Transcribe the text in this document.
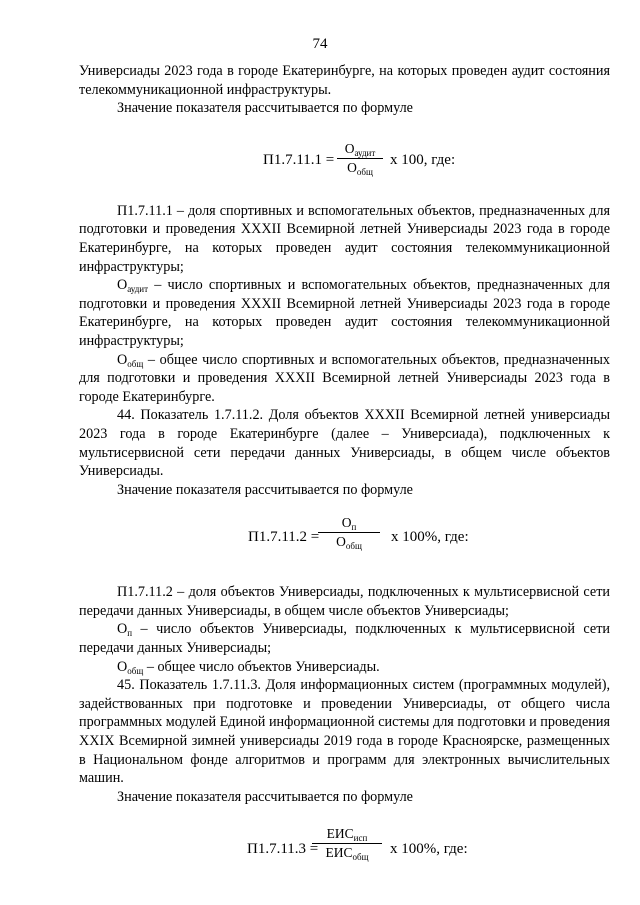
74

Универсиады 2023 года в городе Екатеринбурге, на которых проведен аудит состояния телекоммуникационной инфраструктуры.

Значение показателя рассчитывается по формуле

П1.7.11.1 =
$О_{аудит}$
$О_{общ}$
х 100, где:

П1.7.11.1 – доля спортивных и вспомогательных объектов, предназначенных для подготовки и проведения XXXII Всемирной летней Универсиады 2023 года в городе Екатеринбурге, на которых проведен аудит состояния телекоммуникационной инфраструктуры;

$О_{аудит}$ – число спортивных и вспомогательных объектов, предназначенных для подготовки и проведения XXXII Всемирной летней Универсиады 2023 года в городе Екатеринбурге, на которых проведен аудит состояния телекоммуникационной инфраструктуры;

$О_{общ}$ – общее число спортивных и вспомогательных объектов, предназначенных для подготовки и проведения XXXII Всемирной летней Универсиады 2023 года в городе Екатеринбурге.

44. Показатель 1.7.11.2. Доля объектов XXXII Всемирной летней универсиады 2023 года в городе Екатеринбурге (далее – Универсиада), подключенных к мультисервисной сети передачи данных Универсиады, в общем числе объектов Универсиады.

Значение показателя рассчитывается по формуле

П1.7.11.2 =
$О_п$
$О_{общ}$
х 100%, где:

П1.7.11.2 – доля объектов Универсиады, подключенных к мультисервисной сети передачи данных Универсиады, в общем числе объектов Универсиады;

$О_п$ – число объектов Универсиады, подключенных к мультисервисной сети передачи данных Универсиады;

$О_{общ}$ – общее число объектов Универсиады.

45. Показатель 1.7.11.3. Доля информационных систем (программных модулей), задействованных при подготовке и проведении Универсиады, от общего числа программных модулей Единой информационной системы для подготовки и проведения XXIX Всемирной зимней универсиады 2019 года в городе Красноярске, размещенных в Национальном фонде алгоритмов и программ для электронных вычислительных машин.

Значение показателя рассчитывается по формуле

П1.7.11.3 =
$ЕИС_{исп}$
$ЕИС_{общ}$	х 100%, где:
